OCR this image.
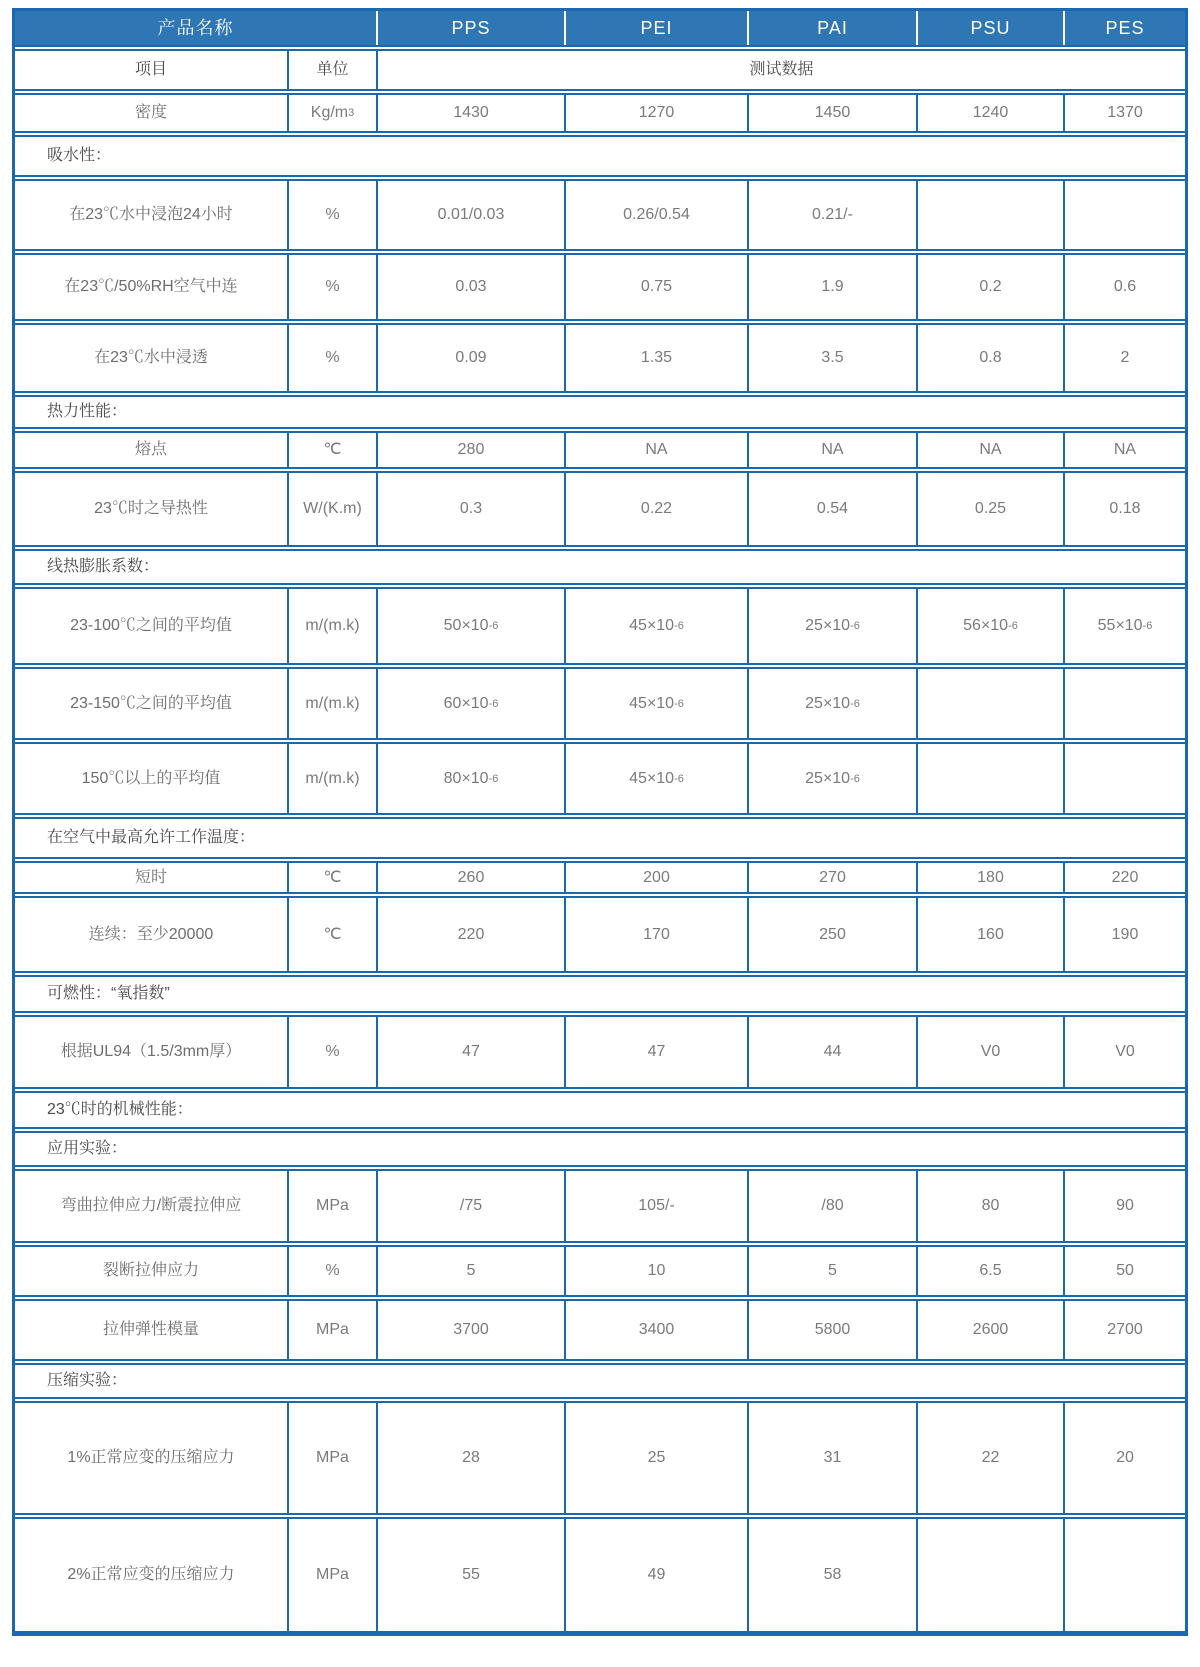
产品名称	PPS	PEI	PAI	PSU	PES
项目	单位	测试数据
密度	Kg/m 3	1430	1270	1450	1240	1370
吸水性：
在23℃水中浸泡24小时	%	0.01/0.03	0.26/0.54	0.21/-
在23℃/50%RH空气中连	%	0.03	0.75	1.9	0.2	0.6
在23℃水中浸透	%	0.09	1.35	3.5	0.8	2
热力性能：
熔点	℃	280	NA	NA	NA	NA
23℃时之导热性	W/(K.m)	0.3	0.22	0.54	0.25	0.18
线热膨胀系数：
23-100℃之间的平均值	m/(m.k)	50×10 -6	45×10 -6	25×10 -6	56×10 -6	55×10 -6
23-150℃之间的平均值	m/(m.k)	60×10 -6	45×10 -6	25×10 -6
150℃以上的平均值	m/(m.k)	80×10 -6	45×10 -6	25×10 -6
在空气中最高允许工作温度：
短时	℃	260	200	270	180	220
连续：至少20000	℃	220	170	250	160	190
可燃性：“氧指数”
根据UL94（1.5/3mm厚）	%	47	47	44	V0	V0
23℃时的机械性能：
应用实验：
弯曲拉伸应力/断震拉伸应	MPa	/75	105/-	/80	80	90
裂断拉伸应力	%	5	10	5	6.5	50
拉伸弹性模量	MPa	3700	3400	5800	2600	2700
压缩实验：
1%正常应变的压缩应力	MPa	28	25	31	22	20
2%正常应变的压缩应力	MPa	55	49	58
